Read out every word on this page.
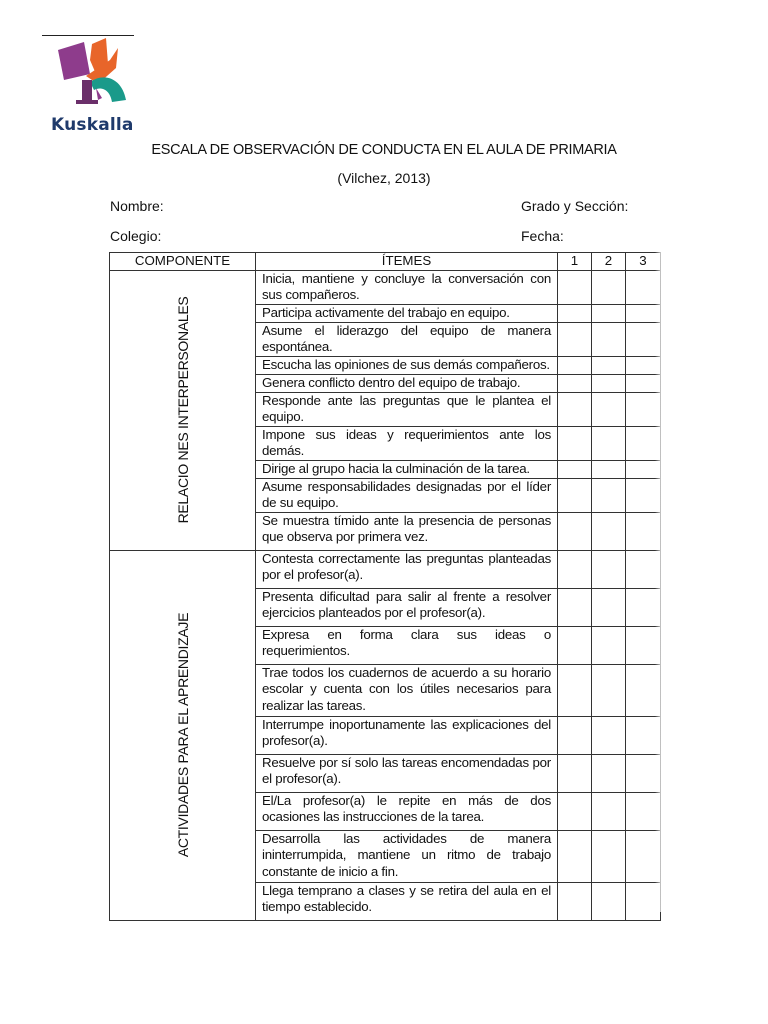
Kuskalla
ESCALA DE OBSERVACIÓN DE CONDUCTA EN EL AULA DE PRIMARIA
(Vilchez, 2013)
Nombre:	Grado y Sección:
Colegio:	Fecha:
COMPONENTE	ÍTEMES	1	2	3

RELACIO NES INTERPERSONALES	Inicia, mantiene y concluye la conversación con sus compañeros.			
	Participa activamente del trabajo en equipo.			
	Asume el liderazgo del equipo de manera espontánea.			
	Escucha las opiniones de sus demás compañeros.			
	Genera conflicto dentro del equipo de trabajo.			
	Responde ante las preguntas que le plantea el equipo.			
	Impone sus ideas y requerimientos ante los demás.			
	Dirige al grupo hacia la culminación de la tarea.			
	Asume responsabilidades designadas por el líder de su equipo.			
	Se muestra tímido ante la presencia de personas que observa por primera vez.			

ACTIVIDADES PARA EL APRENDIZAJE	Contesta correctamente las preguntas planteadas por el profesor(a).			
	Presenta dificultad para salir al frente a resolver ejercicios planteados por el profesor(a).			
	Expresa en forma clara sus ideas o requerimientos.			
	Trae todos los cuadernos de acuerdo a su horario escolar y cuenta con los útiles necesarios para realizar las tareas.			
	Interrumpe inoportunamente las explicaciones del profesor(a).			
	Resuelve por sí solo las tareas encomendadas por el profesor(a).			
	El/La profesor(a) le repite en más de dos ocasiones las instrucciones de la tarea.			
	Desarrolla las actividades de manera ininterrumpida, mantiene un ritmo de trabajo constante de inicio a fin.			
	Llega temprano a clases y se retira del aula en el tiempo establecido.			
